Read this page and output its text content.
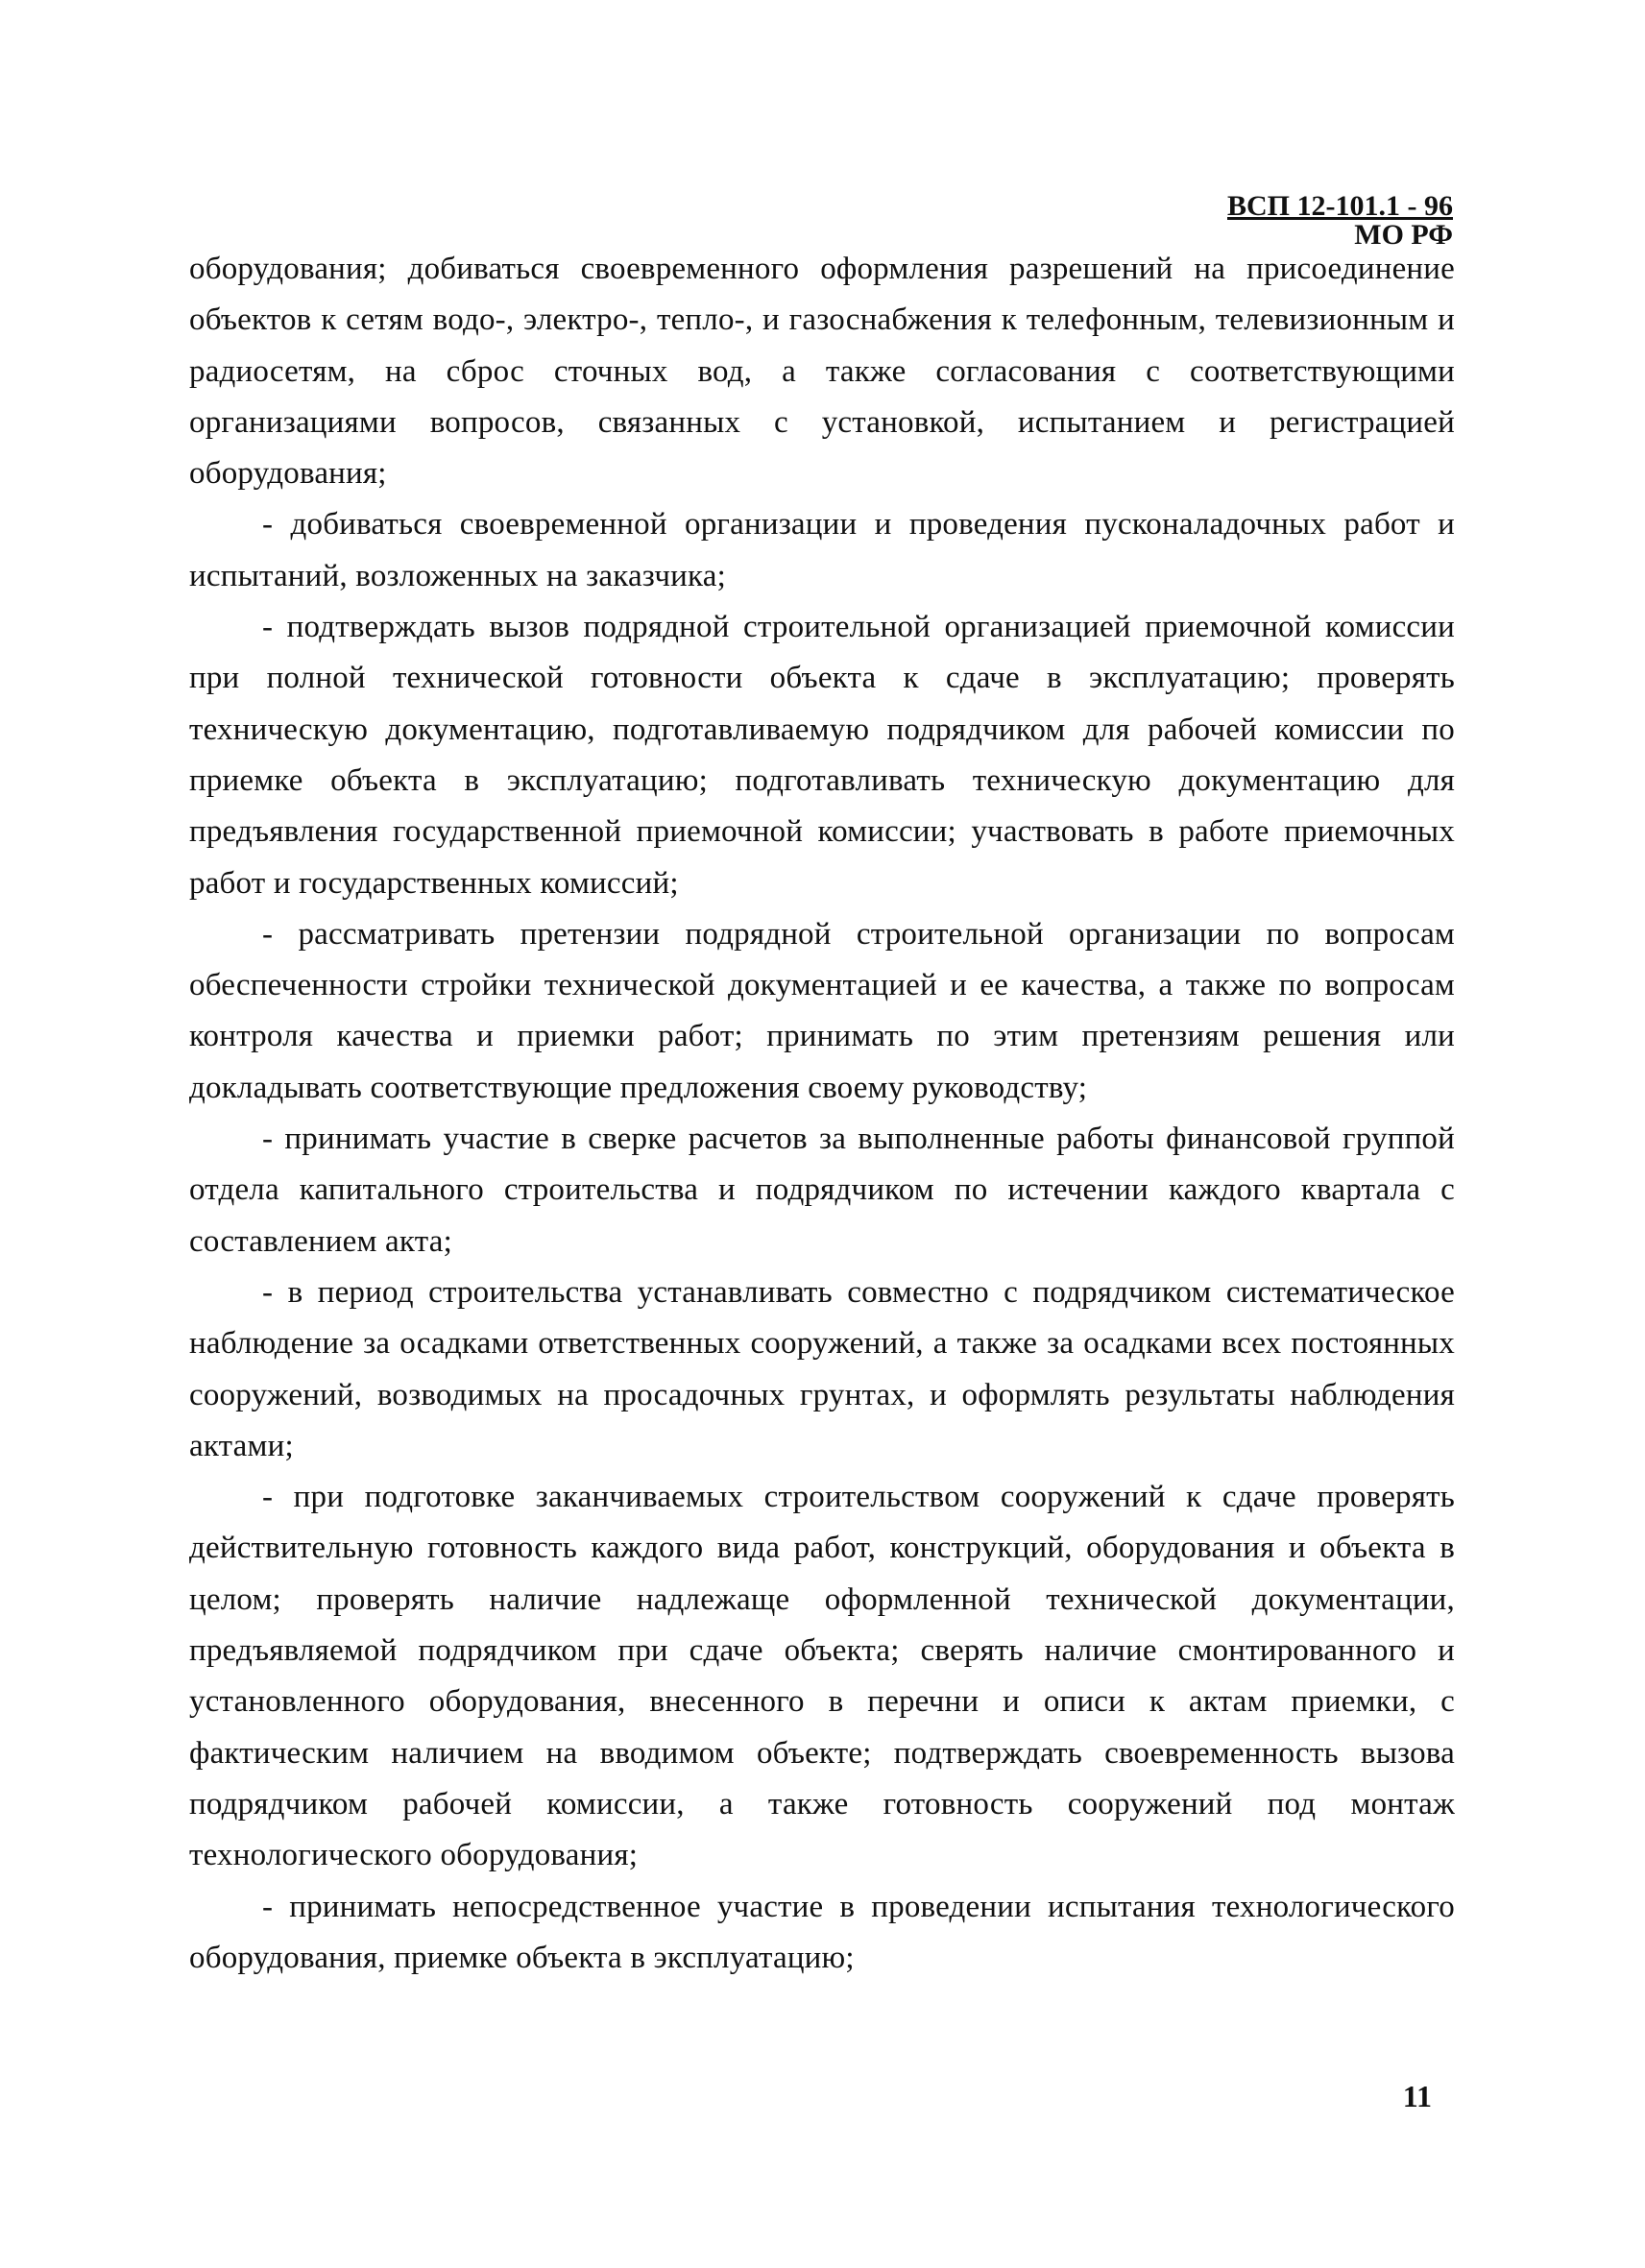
ВСП 12-101.1 - 96
МО РФ

оборудования; добиваться своевременного оформления разрешений на присоединение объектов к сетям водо-, электро-, тепло-, и газоснабжения к телефонным, телевизионным и радиосетям, на сброс сточных вод, а также согласования с соответствующими организациями вопросов, связанных с установкой, испытанием и регистрацией оборудования;

- добиваться своевременной организации и проведения пусконаладочных работ и испытаний, возложенных на заказчика;

- подтверждать вызов подрядной строительной организацией приемочной комиссии при полной технической готовности объекта к сдаче в эксплуатацию; проверять техническую документацию, подготавливаемую подрядчиком для рабочей комиссии по приемке объекта в эксплуатацию; подготавливать техническую документацию для предъявления государственной приемочной комиссии; участвовать в работе приемочных работ и государственных комиссий;

- рассматривать претензии подрядной строительной организации по вопросам обеспеченности стройки технической документацией и ее качества, а также по вопросам контроля качества и приемки работ; принимать по этим претензиям решения или докладывать соответствующие предложения своему руководству;

- принимать участие в сверке расчетов за выполненные работы финансовой группой отдела капитального строительства и подрядчиком по истечении каждого квартала с составлением акта;

- в период строительства устанавливать совместно с подрядчиком систематическое наблюдение за осадками ответственных сооружений, а также за осадками всех постоянных сооружений, возводимых на просадочных грунтах, и оформлять результаты наблюдения актами;

- при подготовке заканчиваемых строительством сооружений к сдаче проверять действительную готовность каждого вида работ, конструкций, оборудования и объекта в целом; проверять наличие надлежаще оформленной технической документации, предъявляемой подрядчиком при сдаче объекта; сверять наличие смонтированного и установленного оборудования, внесенного в перечни и описи к актам приемки, с фактическим наличием на вводимом объекте; подтверждать своевременность вызова подрядчиком рабочей комиссии, а также готовность сооружений под монтаж технологического оборудования;

- принимать непосредственное участие в проведении испытания технологического оборудования, приемке объекта в эксплуатацию;

11
